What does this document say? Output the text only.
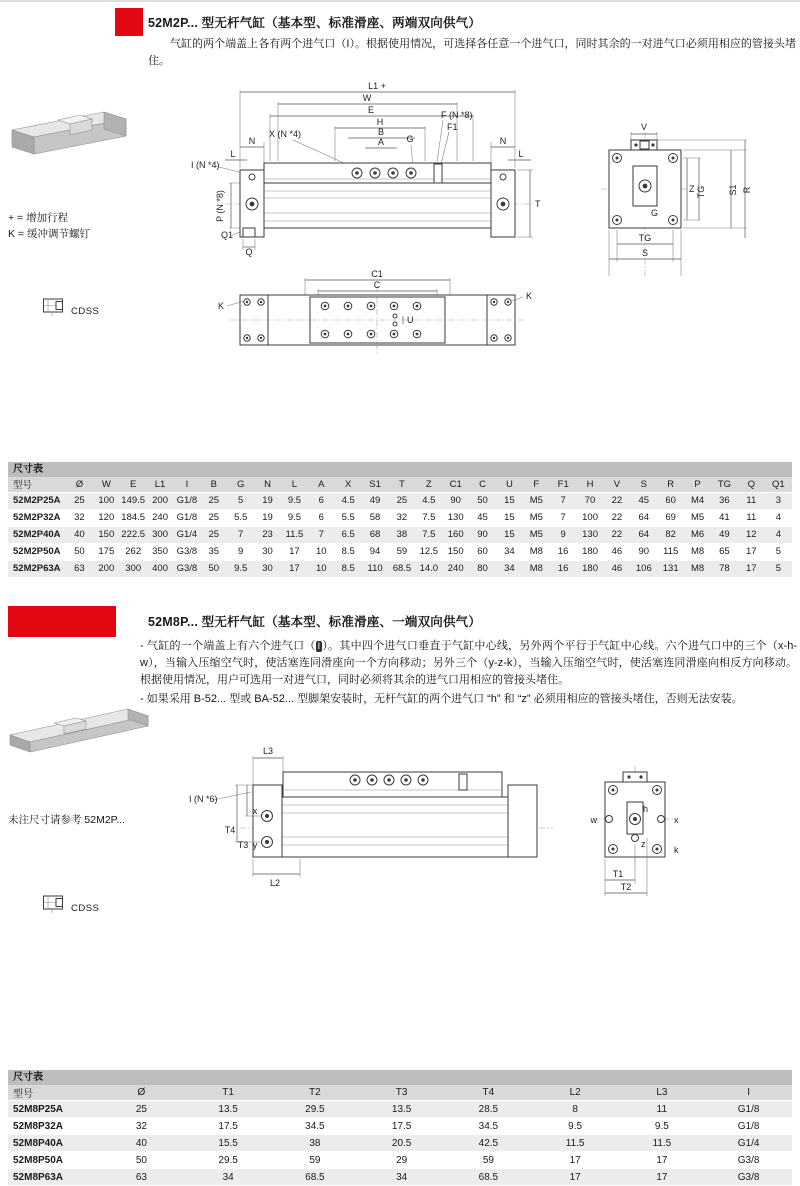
52M2P... 型无杆气缸（基本型、标准滑座、两端双向供气）

气缸的两个端盖上各有两个进气口（I）。根据使用情况，可选择各任意一个进气口，同时其余的一对进气口必须用相应的管接头堵住。

+ = 增加行程
K = 缓冲调节螺钉
CDSS
L1 +
W
E
H
B
A
X (N *4)	G
F (N *8)
F1
N	N
L	L
I (N *4)
P (N *8)
Q1
Q
T
V
Z TG S1 R
G
TG
S
C1
C
U
K
K
尺寸表
型号	Ø	W	E	L1	I	B	G	N	L	A	X	S1	T	Z	C1	C	U	F	F1	H	V	S	R	P	TG	Q	Q1
52M2P25A	25	100	149.5	200	G1/8	25	5	19	9.5	6	4.5	49	25	4.5	90	50	15	M5	7	70	22	45	60	M4	36	11	3
52M2P32A	32	120	184.5	240	G1/8	25	5.5	19	9.5	6	5.5	58	32	7.5	130	45	15	M5	7	100	22	64	69	M5	41	11	4
52M2P40A	40	150	222.5	300	G1/4	25	7	23	11.5	7	6.5	68	38	7.5	160	90	15	M5	9	130	22	64	82	M6	49	12	4
52M2P50A	50	175	262	350	G3/8	35	9	30	17	10	8.5	94	59	12.5	150	60	34	M8	16	180	46	90	115	M8	65	17	5
52M2P63A	63	200	300	400	G3/8	50	9.5	30	17	10	8.5	110	68.5	14.0	240	80	34	M8	16	180	46	106	131	M8	78	17	5
52M8P... 型无杆气缸（基本型、标准滑座、一端双向供气）

- 气缸的一个端盖上有六个进气口（ I ）。其中四个进气口垂直于气缸中心线，另外两个平行于气缸中心线。六个进气口中的三个（x-h-w），当输入压缩空气时，使活塞连同滑座向一个方向移动；另外三个（y-z-k），当输入压缩空气时，使活塞连同滑座向相反方向移动。根据使用情况，用户可选用一对进气口，同时必须将其余的进气口用相应的管接头堵住。

- 如果采用 B-52... 型或 BA-52... 型脚架安装时，无杆气缸的两个进气口 “h” 和 “z” 必须用相应的管接头堵住，否则无法安装。

未注尺寸请参考 52M2P...
CDSS
L3
I (N *6)
x
y
T4
T3
L2
w	x
h
z
k
T1
T2
尺寸表
型号	Ø	T1	T2	T3	T4	L2	L3	I
52M8P25A	25	13.5	29.5	13.5	28.5	8	11	G1/8
52M8P32A	32	17.5	34.5	17.5	34.5	9.5	9.5	G1/8
52M8P40A	40	15.5	38	20.5	42.5	11.5	11.5	G1/4
52M8P50A	50	29.5	59	29	59	17	17	G3/8
52M8P63A	63	34	68.5	34	68.5	17	17	G3/8
